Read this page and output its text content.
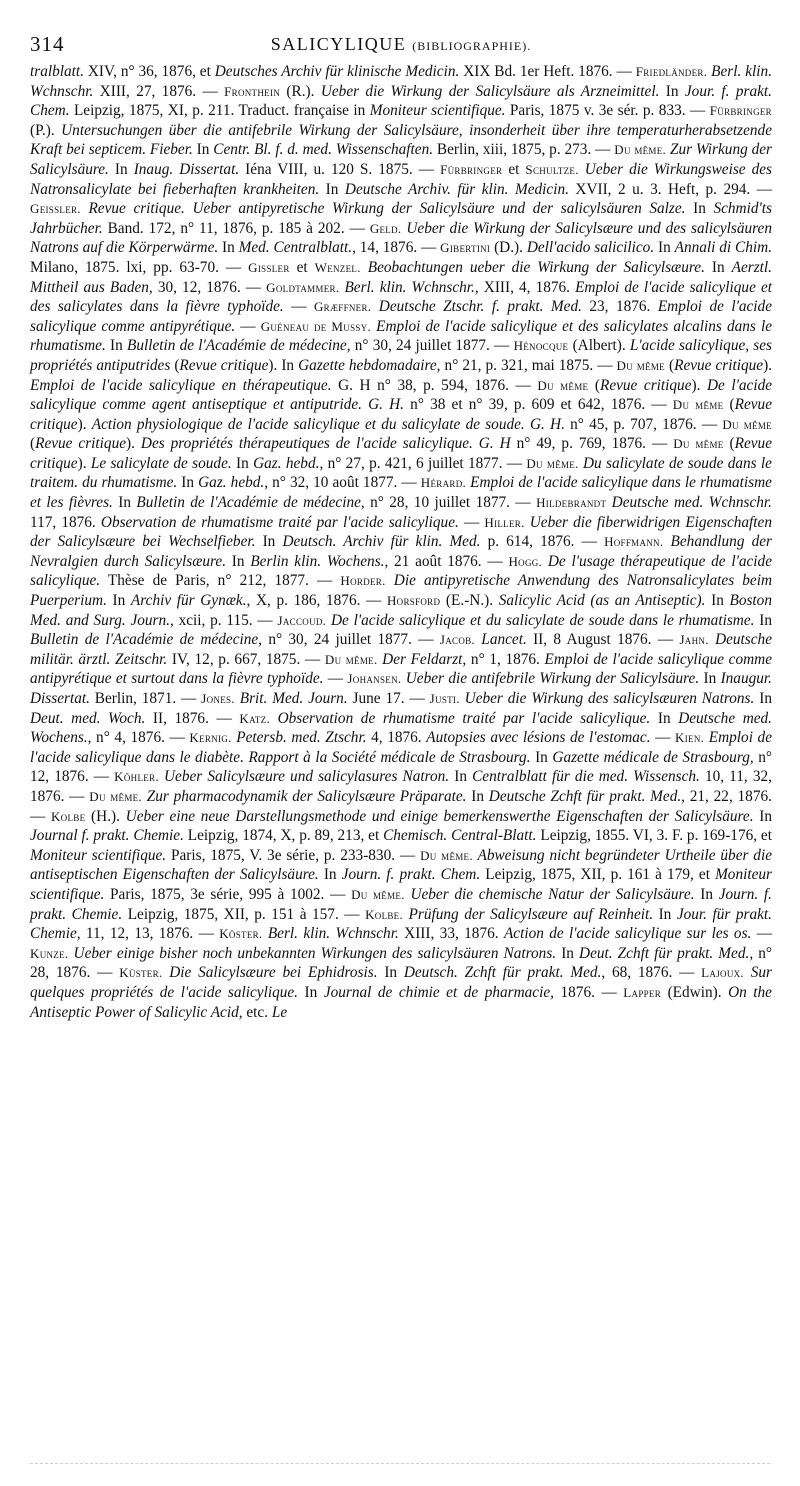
314	SALICYLIQUE (BIBLIOGRAPHIE).

tralblatt. XIV, n° 36, 1876, et Deutsches Archiv für klinische Medicin. XIX Bd. 1er Heft. 1876. — Friedländer. Berl. klin. Wchnschr. XIII, 27, 1876. — Fronthein (R.). Ueber die Wirkung der Salicylsäure als Arzneimittel. In Jour. f. prakt. Chem. Leipzig, 1875, XI, p. 211. Traduct. française in Moniteur scientifique. Paris, 1875 v. 3e sér. p. 833. — Fürbringer (P.). Untersuchungen über die antifebrile Wirkung der Salicylsäure, insonderheit über ihre temperaturherabsetzende Kraft bei septicem. Fieber. In Centr. Bl. f. d. med. Wissenschaften. Berlin, xiii, 1875, p. 273. — Du même. Zur Wirkung der Salicylsäure. In Inaug. Dissertat. Iéna VIII, u. 120 S. 1875. — Fürbringer et Schultze. Ueber die Wirkungsweise des Natronsalicylate bei fieberhaften krankheiten. In Deutsche Archiv. für klin. Medicin. XVII, 2 u. 3. Heft, p. 294. — Geissler. Revue critique. Ueber antipyretische Wirkung der Salicylsäure und der salicylsäuren Salze. In Schmid'ts Jahrbücher. Band. 172, n° 11, 1876, p. 185 à 202. — Geld. Ueber die Wirkung der Salicylsæure und des salicylsäuren Natrons auf die Körperwärme. In Med. Centralblatt., 14, 1876. — Gibertini (D.). Dell'acido salicilico. In Annali di Chim. Milano, 1875. lxi, pp. 63-70. — Gissler et Wenzel. Beobachtungen ueber die Wirkung der Salicylsæure. In Aerztl. Mittheil aus Baden, 30, 12, 1876. — Goldtammer. Berl. klin. Wchnschr., XIII, 4, 1876. Emploi de l'acide salicylique et des salicylates dans la fièvre typhoïde. — Græffner. Deutsche Ztschr. f. prakt. Med. 23, 1876. Emploi de l'acide salicylique comme antipyrétique. — Guéneau de Mussy. Emploi de l'acide salicylique et des salicylates alcalins dans le rhumatisme. In Bulletin de l'Académie de médecine, n° 30, 24 juillet 1877. — Hénocque (Albert). L'acide salicylique, ses propriétés antiputrides (Revue critique). In Gazette hebdomadaire, n° 21, p. 321, mai 1875. — Du même (Revue critique). Emploi de l'acide salicylique en thérapeutique. G. H n° 38, p. 594, 1876. — Du même (Revue critique). De l'acide salicylique comme agent antiseptique et antiputride. G. H. n° 38 et n° 39, p. 609 et 642, 1876. — Du même (Revue critique). Action physiologique de l'acide salicylique et du salicylate de soude. G. H. n° 45, p. 707, 1876. — Du même (Revue critique). Des propriétés thérapeutiques de l'acide salicylique. G. H n° 49, p. 769, 1876. — Du même (Revue critique). Le salicylate de soude. In Gaz. hebd., n° 27, p. 421, 6 juillet 1877. — Du même. Du salicylate de soude dans le traitem. du rhumatisme. In Gaz. hebd., n° 32, 10 août 1877. — Hérard. Emploi de l'acide salicylique dans le rhumatisme et les fièvres. In Bulletin de l'Académie de médecine, n° 28, 10 juillet 1877. — Hildebrandt Deutsche med. Wchnschr. 117, 1876. Observation de rhumatisme traité par l'acide salicylique. — Hiller. Ueber die fiberwidrigen Eigenschaften der Salicylsæure bei Wechselfieber. In Deutsch. Archiv für klin. Med. p. 614, 1876. — Hoffmann. Behandlung der Nevralgien durch Salicylsæure. In Berlin klin. Wochens., 21 août 1876. — Hogg. De l'usage thérapeutique de l'acide salicylique. Thèse de Paris, n° 212, 1877. — Horder. Die antipyretische Anwendung des Natronsalicylates beim Puerperium. In Archiv für Gynæk., X, p. 186, 1876. — Horsford (E.-N.). Salicylic Acid (as an Antiseptic). In Boston Med. and Surg. Journ., xcii, p. 115. — Jaccoud. De l'acide salicylique et du salicylate de soude dans le rhumatisme. In Bulletin de l'Académie de médecine, n° 30, 24 juillet 1877. — Jacob. Lancet. II, 8 August 1876. — Jahn. Deutsche militär. ärztl. Zeitschr. IV, 12, p. 667, 1875. — Du même. Der Feldarzt, n° 1, 1876. Emploi de l'acide salicylique comme antipyrétique et surtout dans la fièvre typhoïde. — Johansen. Ueber die antifebrile Wirkung der Salicylsäure. In Inaugur. Dissertat. Berlin, 1871. — Jones. Brit. Med. Journ. June 17. — Justi. Ueber die Wirkung des salicylsæuren Natrons. In Deut. med. Woch. II, 1876. — Katz. Observation de rhumatisme traité par l'acide salicylique. In Deutsche med. Wochens., n° 4, 1876. — Kernig. Petersb. med. Ztschr. 4, 1876. Autopsies avec lésions de l'estomac. — Kien. Emploi de l'acide salicylique dans le diabète. Rapport à la Société médicale de Strasbourg. In Gazette médicale de Strasbourg, n° 12, 1876. — Köhler. Ueber Salicylsæure und salicylasures Natron. In Centralblatt für die med. Wissensch. 10, 11, 32, 1876. — Du même. Zur pharmacodynamik der Salicylsæure Präparate. In Deutsche Zchft für prakt. Med., 21, 22, 1876. — Kolbe (H.). Ueber eine neue Darstellungsmethode und einige bemerkenswerthe Eigenschaften der Salicylsäure. In Journal f. prakt. Chemie. Leipzig, 1874, X, p. 89, 213, et Chemisch. Central-Blatt. Leipzig, 1855. VI, 3. F. p. 169-176, et Moniteur scientifique. Paris, 1875, V. 3e série, p. 233-830. — Du même. Abweisung nicht begründeter Urtheile über die antiseptischen Eigenschaften der Salicylsäure. In Journ. f. prakt. Chem. Leipzig, 1875, XII, p. 161 à 179, et Moniteur scientifique. Paris, 1875, 3e série, 995 à 1002. — Du même. Ueber die chemische Natur der Salicylsäure. In Journ. f. prakt. Chemie. Leipzig, 1875, XII, p. 151 à 157. — Kolbe. Prüfung der Salicylsæure auf Reinheit. In Jour. für prakt. Chemie, 11, 12, 13, 1876. — Köster. Berl. klin. Wchnschr. XIII, 33, 1876. Action de l'acide salicylique sur les os. — Kunze. Ueber einige bisher noch unbekannten Wirkungen des salicylsäuren Natrons. In Deut. Zchft für prakt. Med., n° 28, 1876. — Küster. Die Salicylsæure bei Ephidrosis. In Deutsch. Zchft für prakt. Med., 68, 1876. — Lajoux. Sur quelques propriétés de l'acide salicylique. In Journal de chimie et de pharmacie, 1876. — Lapper (Edwin). On the Antiseptic Power of Salicylic Acid, etc. Le
